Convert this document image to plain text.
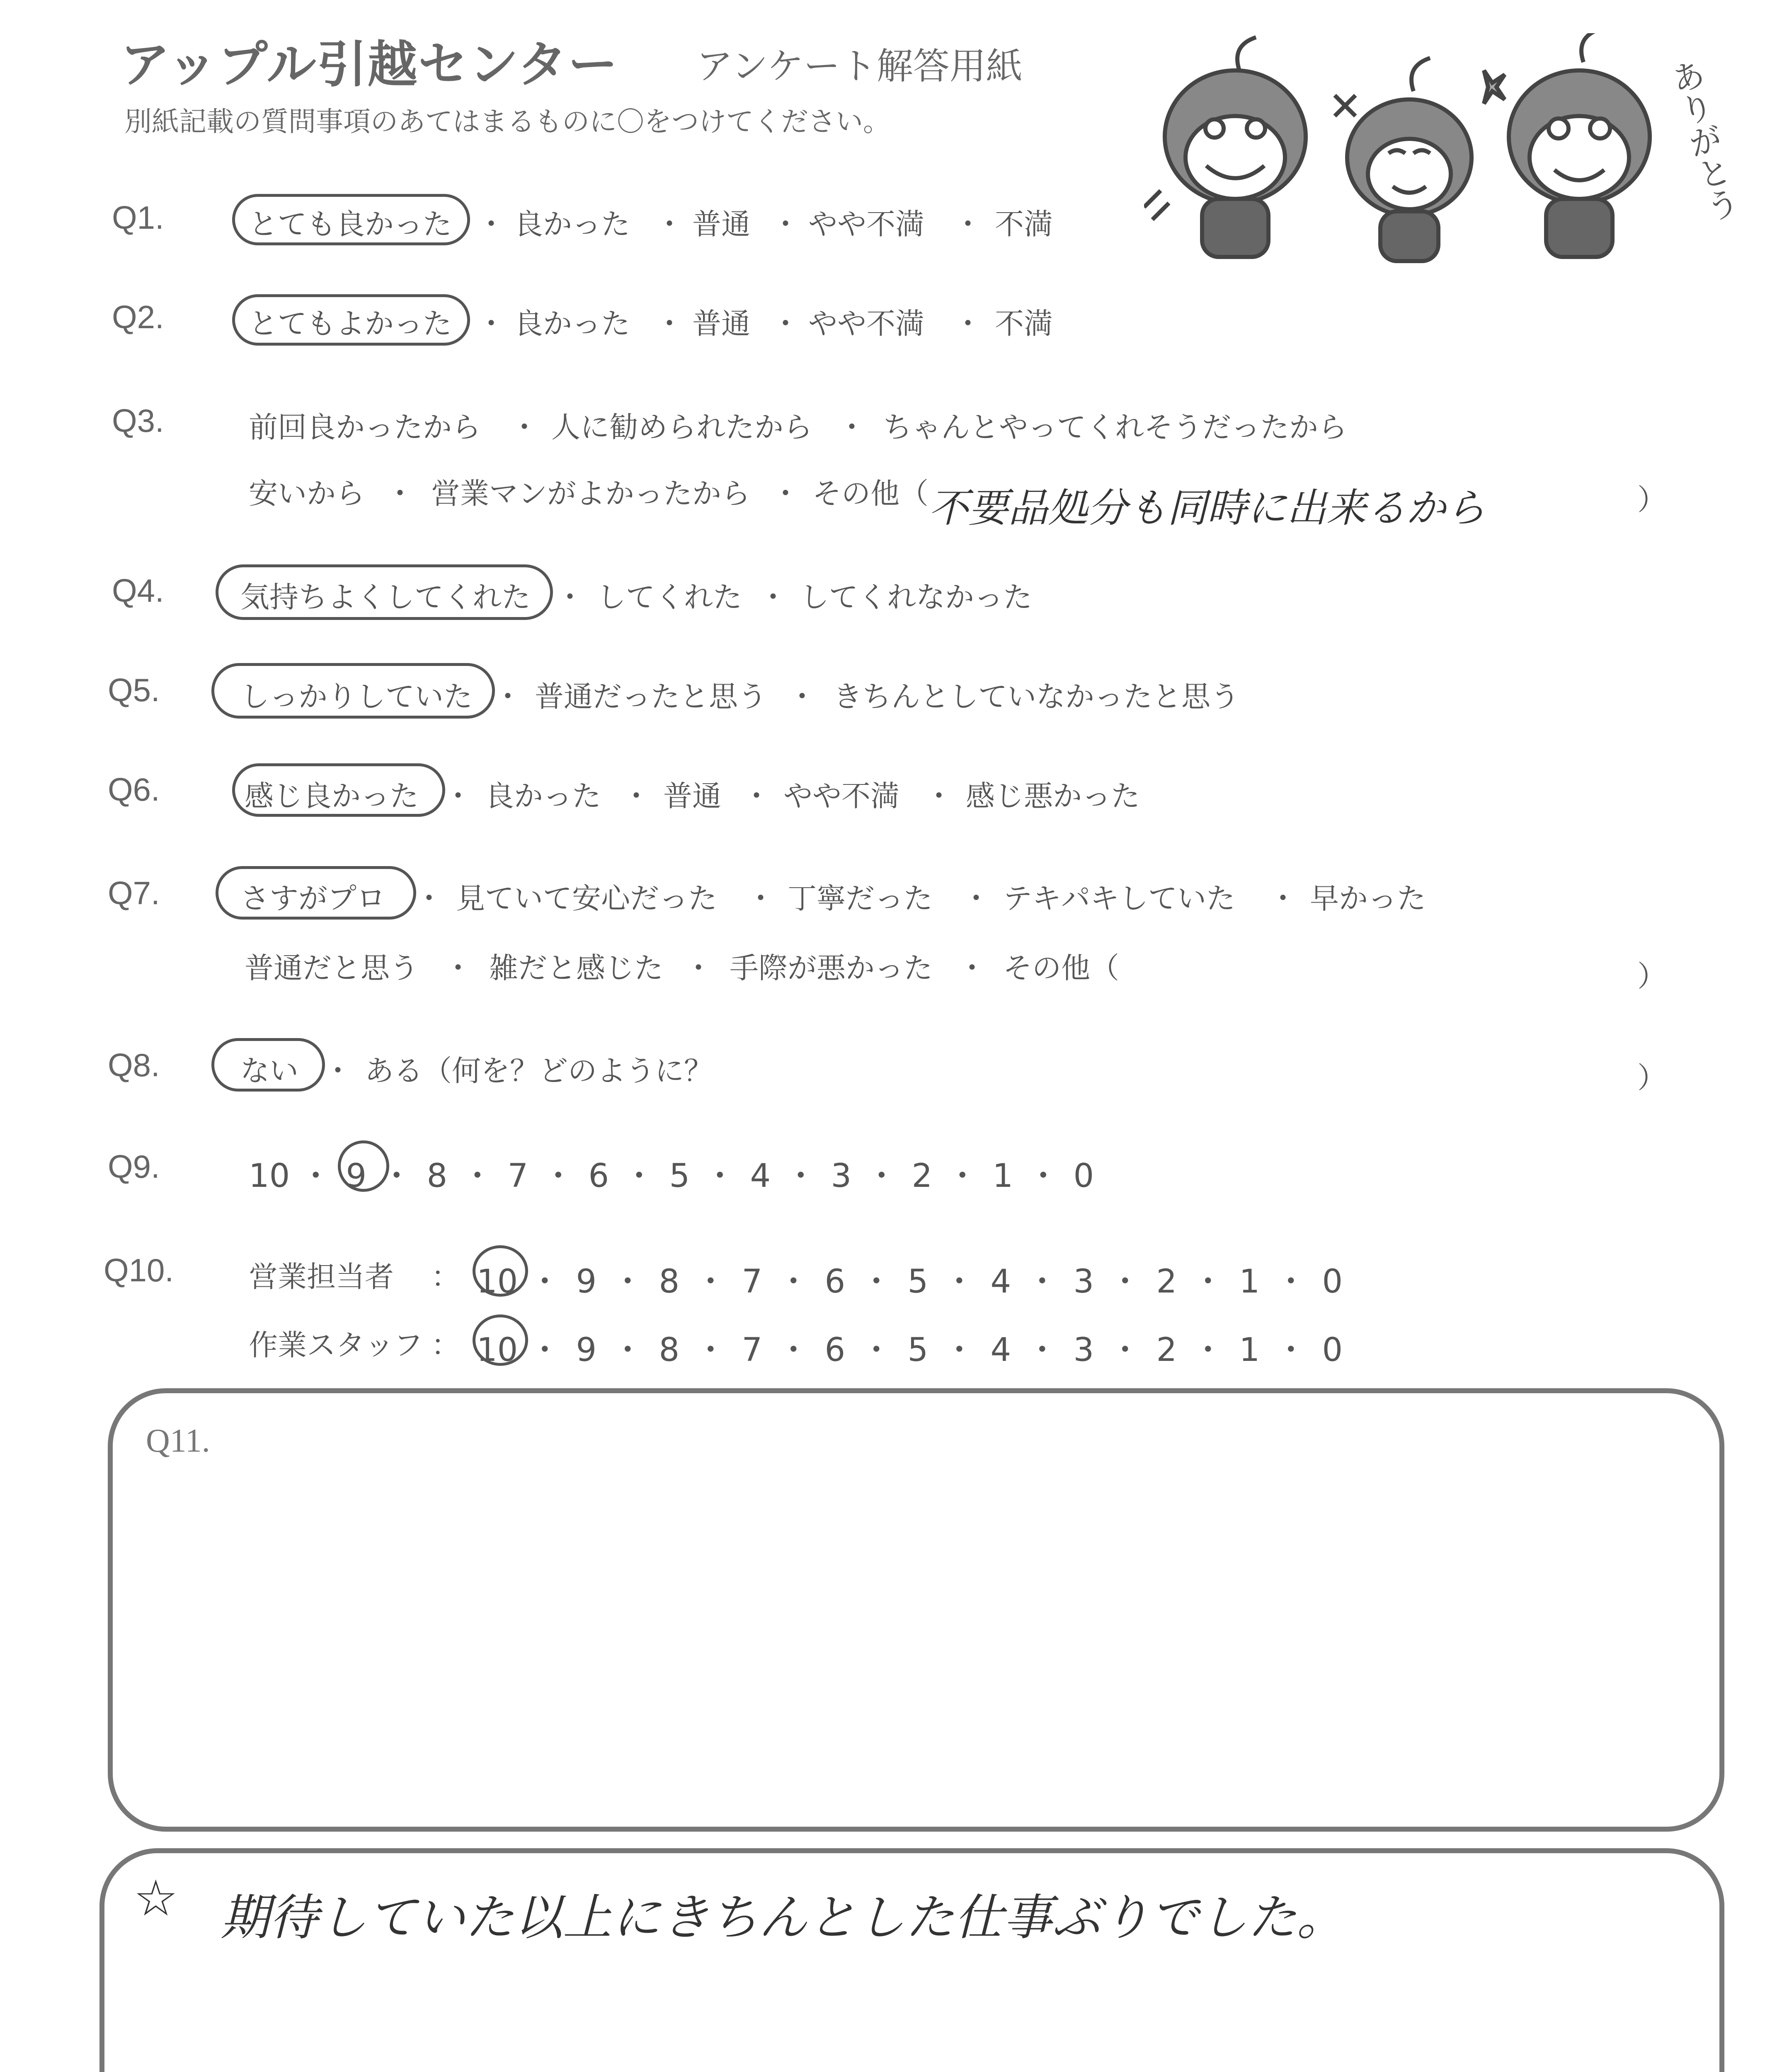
アップル引越センター アンケート解答用紙
別紙記載の質問事項のあてはまるものに〇をつけてください。	ありがとう
Q1.	とても良かった ・ 良かった ・ 普通 ・ やや不満 ・ 不満
Q2.	とてもよかった ・ 良かった ・ 普通 ・ やや不満 ・ 不満
Q3.	前回良かったから ・ 人に勧められたから ・ ちゃんとやってくれそうだったから
安いから ・ 営業マンがよかったから ・ その他（ 不要品処分も同時に出来るから	）
Q4.	気持ちよくしてくれた ・ してくれた ・ してくれなかった
Q5.	しっかりしていた ・ 普通だったと思う ・ きちんとしていなかったと思う
Q6.	感じ良かった ・ 良かった ・ 普通 ・ やや不満 ・ 感じ悪かった
Q7.	さすがプロ ・ 見ていて安心だった ・ 丁寧だった ・ テキパキしていた ・ 早かった
普通だと思う ・ 雑だと感じた ・ 手際が悪かった ・ その他（	）
Q8.	ない ・ ある（何を？どのように？	）
Q9.	10 ・ 9 ・ 8 ・ 7 ・ 6 ・ 5 ・ 4 ・ 3 ・ 2 ・ 1 ・ 0
Q10.	営業担当者 ： 10 ・ 9 ・ 8 ・ 7 ・ 6 ・ 5 ・ 4 ・ 3 ・ 2 ・ 1 ・ 0
作業スタッフ ： 10 ・ 9 ・ 8 ・ 7 ・ 6 ・ 5 ・ 4 ・ 3 ・ 2 ・ 1 ・ 0
Q11.
☆ 期待していた以上にきちんとした仕事ぶりでした。
